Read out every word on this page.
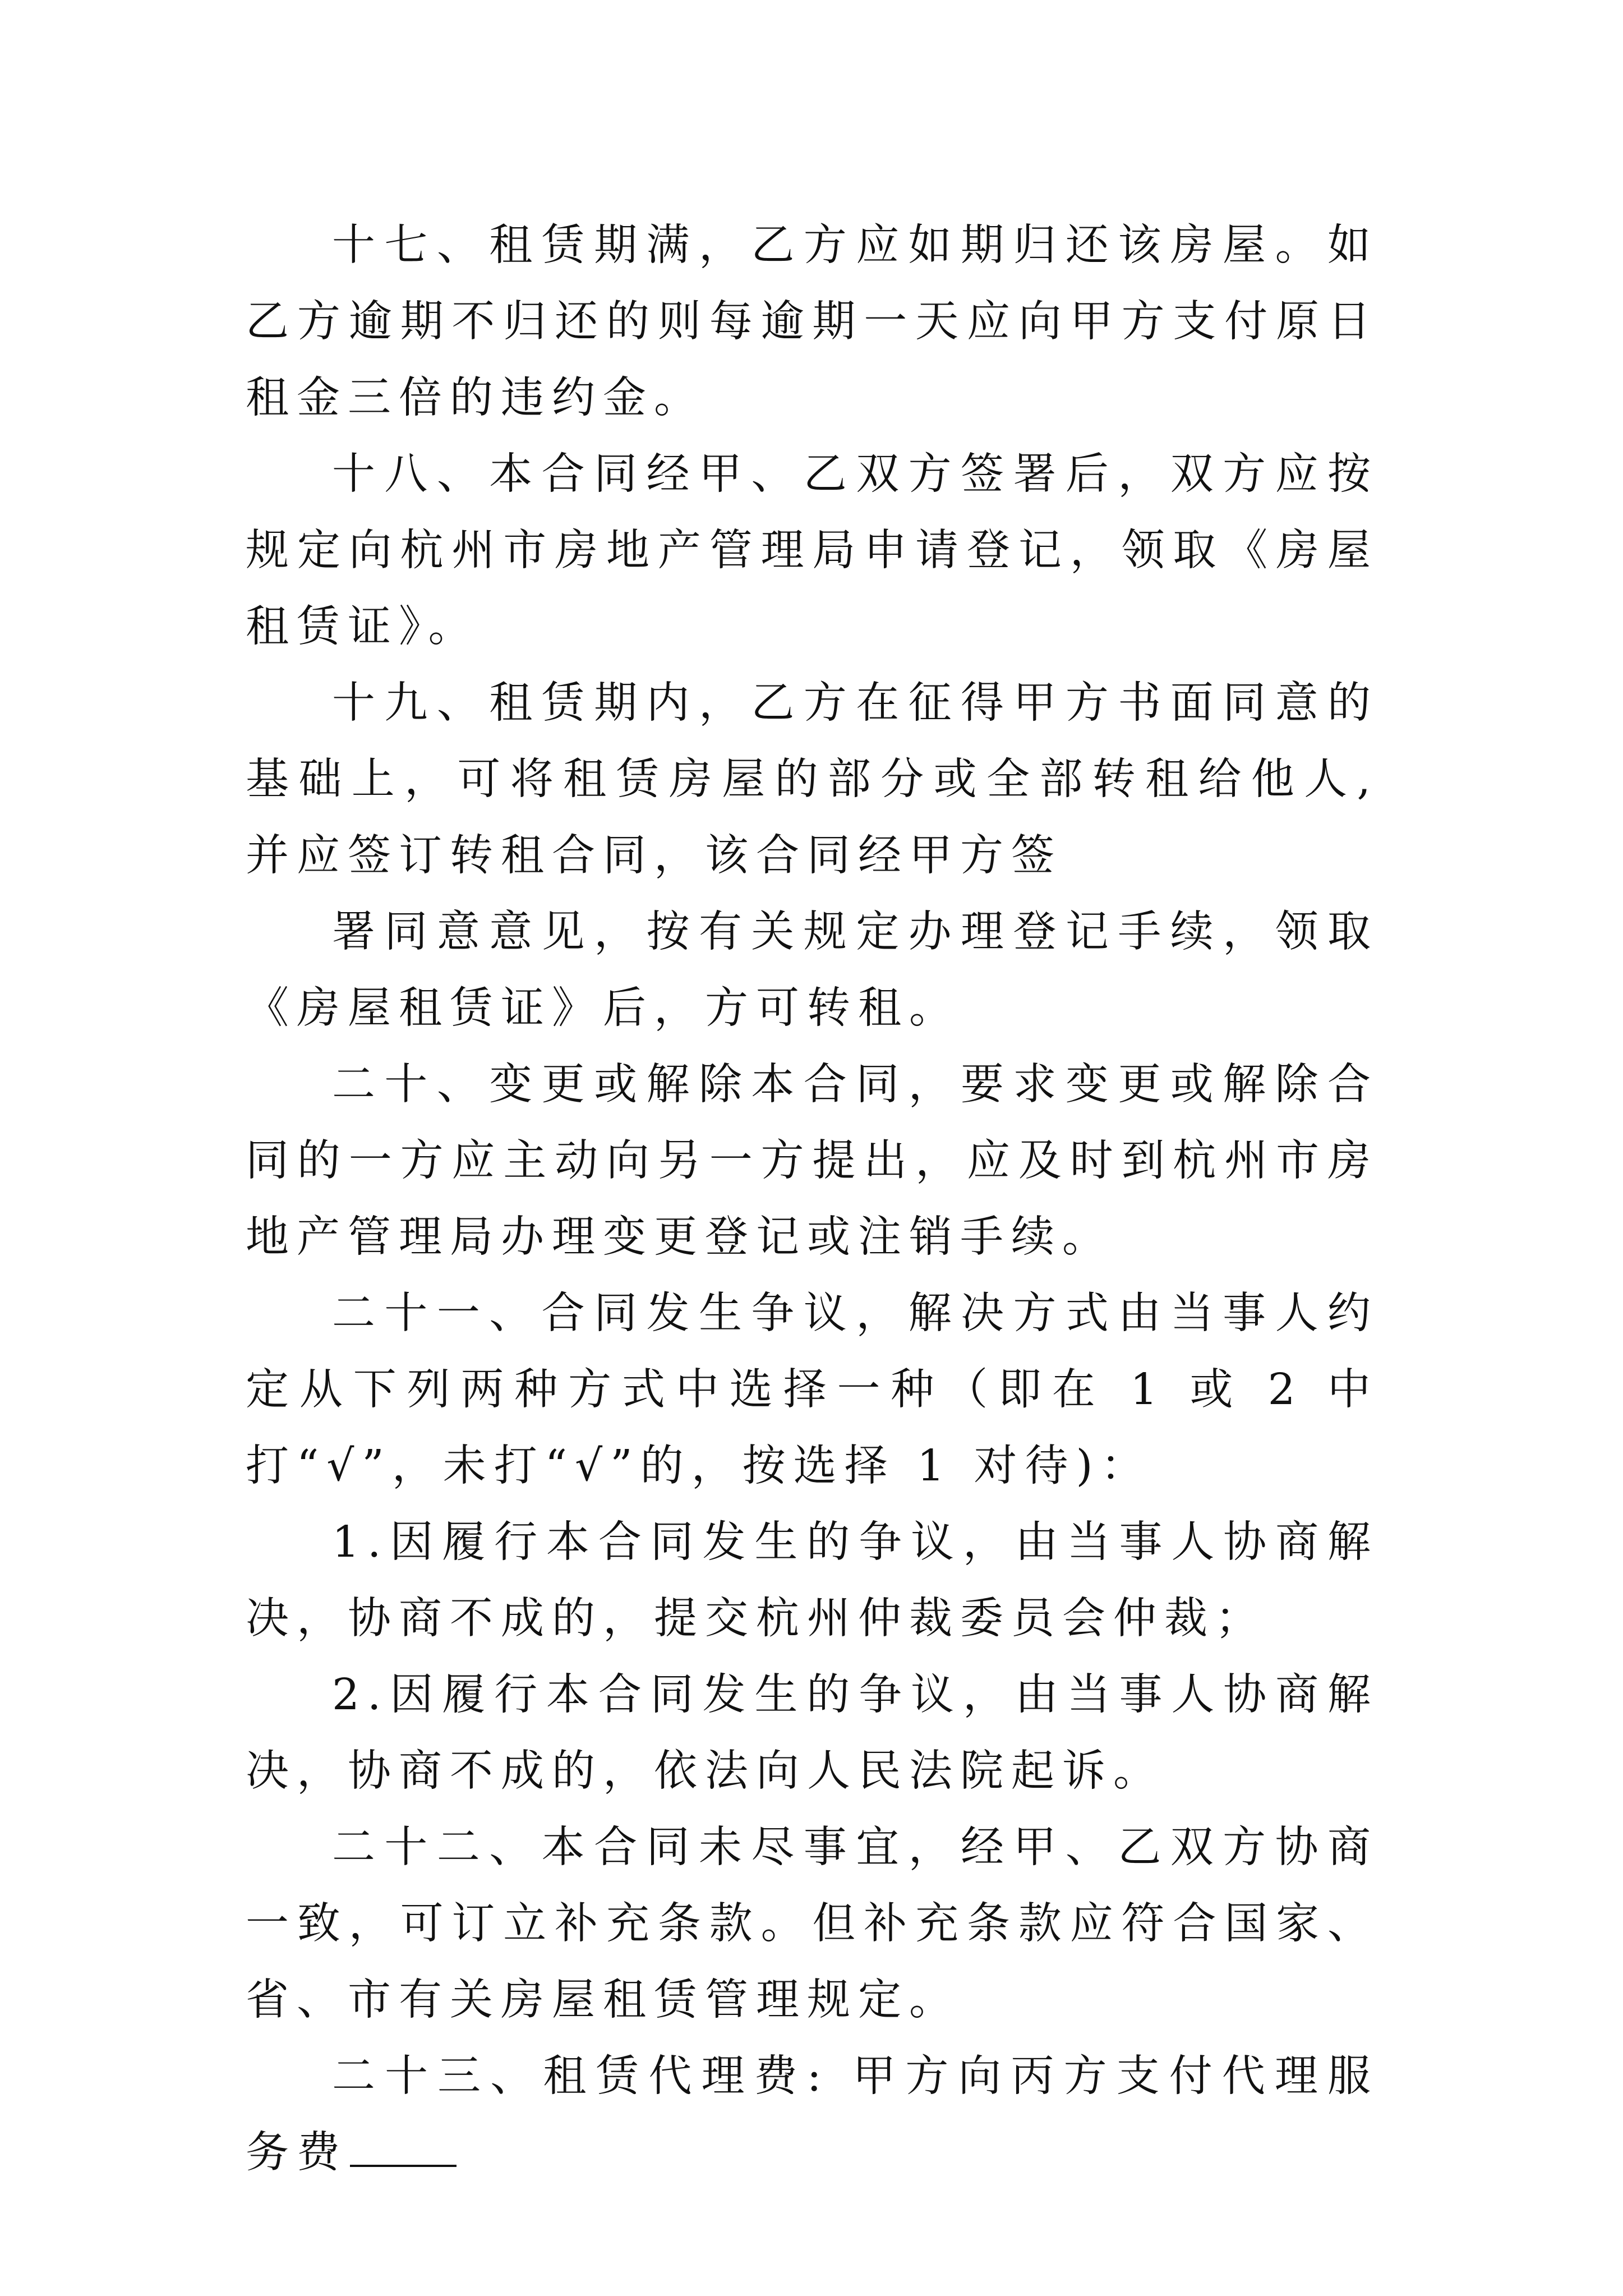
十七、租赁期满，乙方应如期归还该房屋。如乙方逾期不归还的则每逾期一天应向甲方支付原日租金三倍的违约金。

十八、本合同经甲、乙双方签署后，双方应按规定向杭州市房地产管理局申请登记，领取《房屋租赁证》。

十九、租赁期内，乙方在征得甲方书面同意的基础上，可将租赁房屋的部分或全部转租给他人,并应签订转租合同，该合同经甲方签

署同意意见，按有关规定办理登记手续，领取《房屋租赁证》后，方可转租。

二十、变更或解除本合同，要求变更或解除合同的一方应主动向另一方提出，应及时到杭州市房地产管理局办理变更登记或注销手续。

二十一、合同发生争议，解决方式由当事人约定从下列两种方式中选择一种（即在 1 或 2 中打“√”，未打“√”的，按选择 1 对待)：

1.因履行本合同发生的争议，由当事人协商解决，协商不成的，提交杭州仲裁委员会仲裁；

2.因履行本合同发生的争议，由当事人协商解决，协商不成的，依法向人民法院起诉。

二十二、本合同未尽事宜，经甲、乙双方协商一致，可订立补充条款。但补充条款应符合国家、省、市有关房屋租赁管理规定。

二十三、租赁代理费: 甲方向丙方支付代理服务费
